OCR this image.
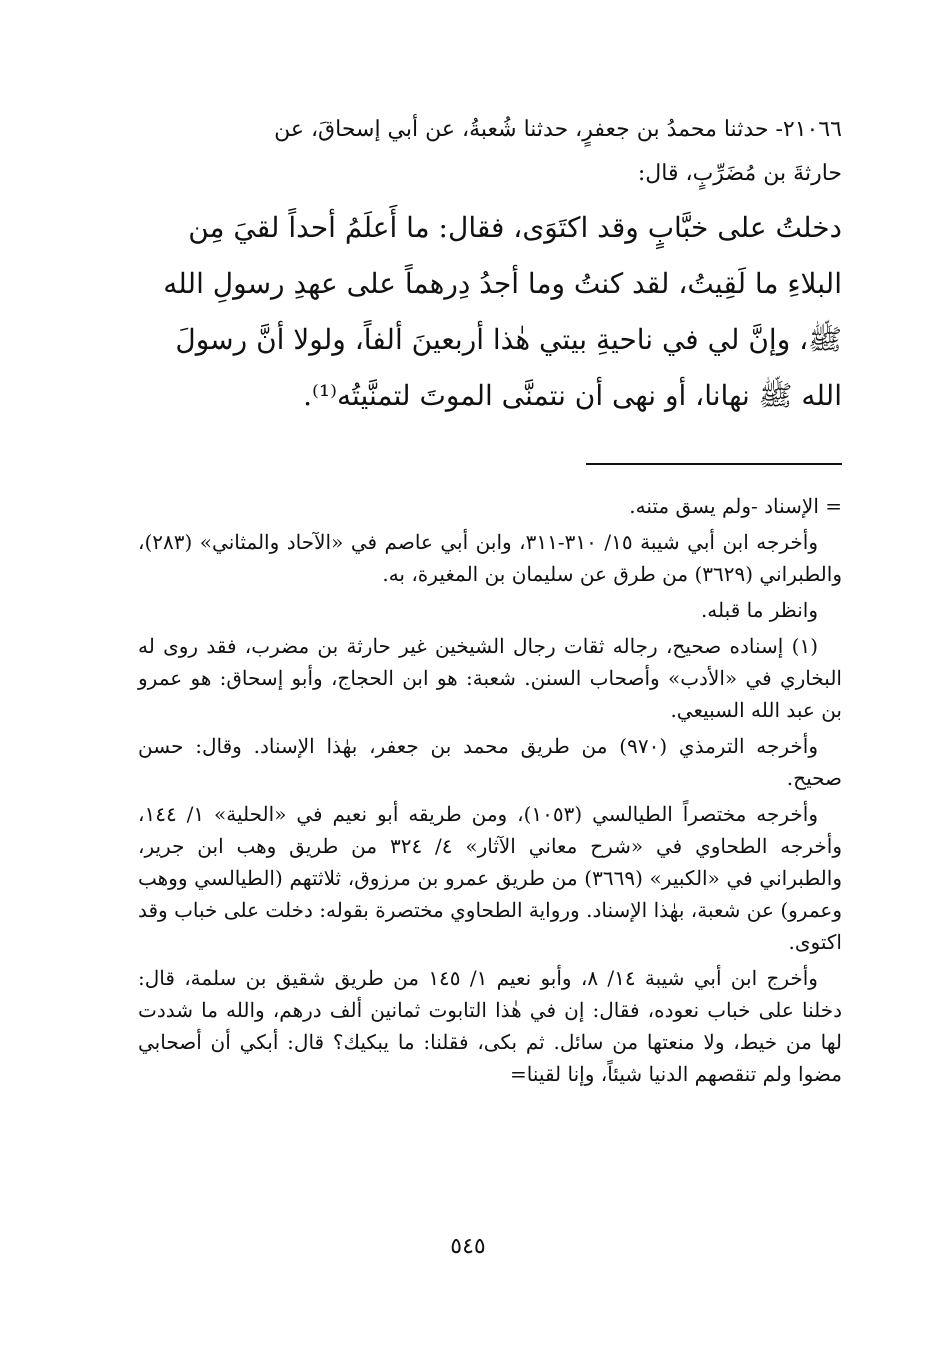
٢١٠٦٦- حدثنا محمدُ بن جعفرٍ، حدثنا شُعبةُ، عن أبي إسحاقَ، عن
حارثةَ بن مُضَرِّبٍ، قال:
دخلتُ على خبَّابٍ وقد اكتَوَى، فقال: ما أَعلَمُ أحداً لقيَ مِن
البلاءِ ما لَقِيتُ، لقد كنتُ وما أجدُ دِرهماً على عهدِ رسولِ الله
ﷺ، وإنَّ لي في ناحيةِ بيتي هٰذا أربعينَ ألفاً، ولولا أنَّ رسولَ
الله ﷺ نهانا، أو نهى أن نتمنَّى الموتَ لتمنَّيتُه⁽¹⁾.

= الإسناد -ولم يسق متنه.

وأخرجه ابن أبي شيبة ١٥/ ٣١٠-٣١١، وابن أبي عاصم في «الآحاد والمثاني» (٢٨٣)، والطبراني (٣٦٢٩) من طرق عن سليمان بن المغيرة، به.

وانظر ما قبله.

(١) إسناده صحيح، رجاله ثقات رجال الشيخين غير حارثة بن مضرب، فقد روى له البخاري في «الأدب» وأصحاب السنن. شعبة: هو ابن الحجاج، وأبو إسحاق: هو عمرو بن عبد الله السبيعي.

وأخرجه الترمذي (٩٧٠) من طريق محمد بن جعفر، بهٰذا الإسناد. وقال: حسن صحيح.

وأخرجه مختصراً الطيالسي (١٠٥٣)، ومن طريقه أبو نعيم في «الحلية» ١/ ١٤٤، وأخرجه الطحاوي في «شرح معاني الآثار» ٤/ ٣٢٤ من طريق وهب ابن جرير، والطبراني في «الكبير» (٣٦٦٩) من طريق عمرو بن مرزوق، ثلاثتهم (الطيالسي ووهب وعمرو) عن شعبة، بهٰذا الإسناد. ورواية الطحاوي مختصرة بقوله: دخلت على خباب وقد اكتوى.

وأخرج ابن أبي شيبة ١٤/ ٨، وأبو نعيم ١/ ١٤٥ من طريق شقيق بن سلمة، قال: دخلنا على خباب نعوده، فقال: إن في هٰذا التابوت ثمانين ألف درهم، والله ما شددت لها من خيط، ولا منعتها من سائل. ثم بكى، فقلنا: ما يبكيك؟ قال: أبكي أن أصحابي مضوا ولم تنقصهم الدنيا شيئاً، وإنا لقينا=

٥٤٥
